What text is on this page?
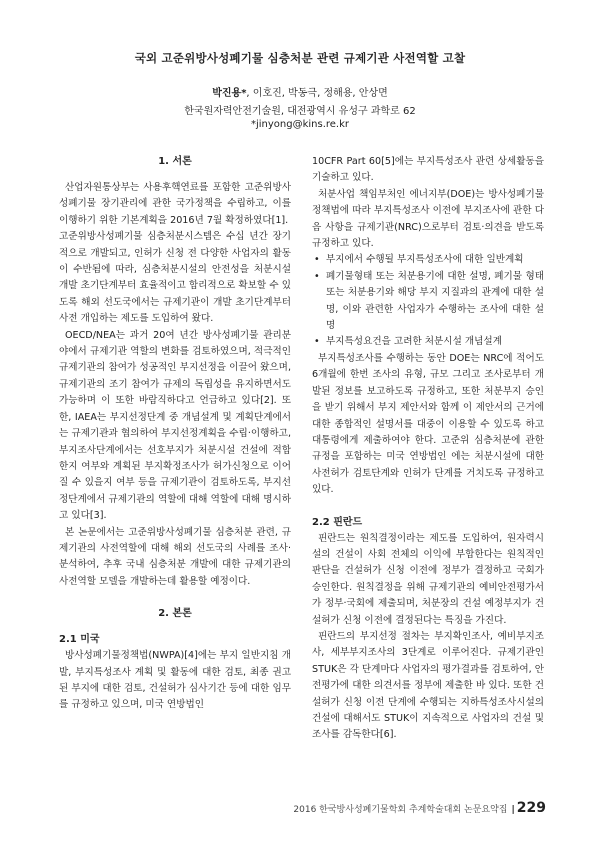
국외 고준위방사성폐기물 심층처분 관련 규제기관 사전역할 고찰
박진용*, 이호진, 박동극, 정해용, 안상면
한국원자력안전기술원, 대전광역시 유성구 과학로 62
*jinyong@kins.re.kr
1. 서론

산업자원통상부는 사용후핵연료를 포함한 고준위방사성폐기물 장기관리에 관한 국가정책을 수립하고, 이를 이행하기 위한 기본계획을 2016년 7월 확정하였다[1].

고준위방사성폐기물 심층처분시스템은 수십 년간 장기적으로 개발되고, 인허가 신청 전 다양한 사업자의 활동이 수반됨에 따라, 심층처분시설의 안전성을 처분시설 개발 초기단계부터 효율적이고 합리적으로 확보할 수 있도록 해외 선도국에서는 규제기관이 개발 초기단계부터 사전 개입하는 제도를 도입하여 왔다.

OECD/NEA는 과거 20여 년간 방사성폐기물 관리분야에서 규제기관 역할의 변화를 검토하였으며, 적극적인 규제기관의 참여가 성공적인 부지선정을 이끌어 왔으며, 규제기관의 조기 참여가 규제의 독립성을 유지하면서도 가능하며 이 또한 바람직하다고 언급하고 있다[2]. 또한, IAEA는 부지선정단계 중 개념설계 및 계획단계에서는 규제기관과 협의하여 부지선정계획을 수립·이행하고, 부지조사단계에서는 선호부지가 처분시설 건설에 적합한지 여부와 계획된 부지확정조사가 허가신청으로 이어질 수 있을지 여부 등을 규제기관이 검토하도록, 부지선정단계에서 규제기관의 역할에 대해 역할에 대해 명시하고 있다[3].

본 논문에서는 고준위방사성폐기물 심층처분 관련, 규제기관의 사전역할에 대해 해외 선도국의 사례를 조사·분석하여, 추후 국내 심층처분 개발에 대한 규제기관의 사전역할 모델을 개발하는데 활용할 예정이다.

2. 본론
2.1 미국

방사성폐기물정책법(NWPA)[4]에는 부지 일반지침 개발, 부지특성조사 계획 및 활동에 대한 검토, 최종 권고된 부지에 대한 검토, 건설허가 심사기간 등에 대한 임무를 규정하고 있으며, 미국 연방법인

10CFR Part 60[5]에는 부지특성조사 관련 상세활동을 기술하고 있다.

처분사업 책임부처인 에너지부(DOE)는 방사성폐기물정책법에 따라 부지특성조사 이전에 부지조사에 관한 다음 사항을 규제기관(NRC)으로부터 검토·의견을 받도록 규정하고 있다.

• 부지에서 수행될 부지특성조사에 대한 일반계획
• 폐기물형태 또는 처분용기에 대한 설명, 폐기물 형태 또는 처분용기와 해당 부지 지질과의 관계에 대한 설명, 이와 관련한 사업자가 수행하는 조사에 대한 설명
• 부지특성요건을 고려한 처분시설 개념설계

부지특성조사를 수행하는 동안 DOE는 NRC에 적어도 6개월에 한번 조사의 유형, 규모 그리고 조사로부터 개발된 정보를 보고하도록 규정하고, 또한 처분부지 승인을 받기 위해서 부지 제안서와 함께 이 제안서의 근거에 대한 종합적인 설명서를 대중이 이용할 수 있도록 하고 대통령에게 제출하여야 한다. 고준위 심층처분에 관한 규정을 포함하는 미국 연방법인 에는 처분시설에 대한 사전허가 검토단계와 인허가 단계를 거치도록 규정하고 있다.

2.2 핀란드

핀란드는 원칙결정이라는 제도를 도입하여, 원자력시설의 건설이 사회 전체의 이익에 부합한다는 원칙적인 판단을 건설허가 신청 이전에 정부가 결정하고 국회가 승인한다. 원칙결정을 위해 규제기관의 예비안전평가서가 정부·국회에 제출되며, 처분장의 건설 예정부지가 건설허가 신청 이전에 결정된다는 특징을 가진다.

핀란드의 부지선정 절차는 부지확인조사, 예비부지조사, 세부부지조사의 3단계로 이루어진다. 규제기관인 STUK은 각 단계마다 사업자의 평가결과를 검토하여, 안전평가에 대한 의견서를 정부에 제출한 바 있다. 또한 건설허가 신청 이전 단계에 수행되는 지하특성조사시설의 건설에 대해서도 STUK이 지속적으로 사업자의 건설 및 조사를 감독한다[6].

2016 한국방사성폐기물학회 추계학술대회 논문요약집 | 229
